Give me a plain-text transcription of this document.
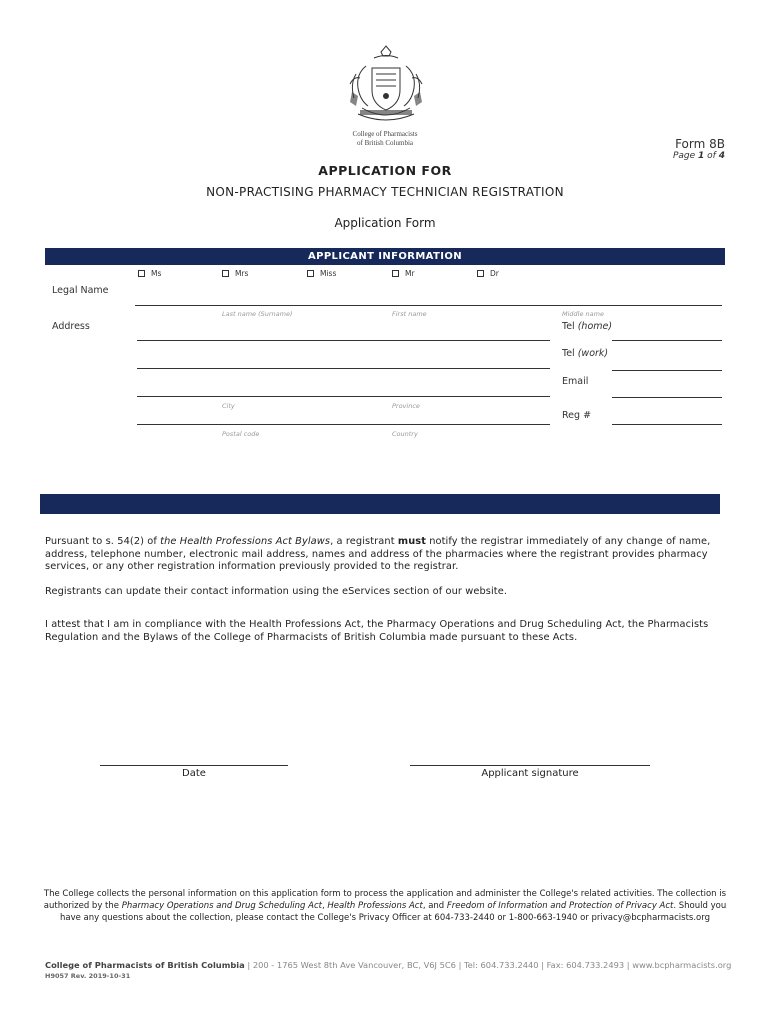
College of Pharmacists
of British Columbia	Form 8B
Page 1 of 4
APPLICATION FOR
NON-PRACTISING PHARMACY TECHNICIAN REGISTRATION
Application Form
APPLICANT INFORMATION
Ms	Mrs	Miss	Mr	Dr
Legal Name
Last name (Surname)	First name	Middle name
Address
City	Province
Postal code	Country
Tel (home)
Tel (work)
Email
Reg #
Pursuant to s. 54(2) of the Health Professions Act Bylaws, a registrant must notify the registrar immediately of any change of name, address, telephone number, electronic mail address, names and address of the pharmacies where the registrant provides pharmacy services, or any other registration information previously provided to the registrar.
Registrants can update their contact information using the eServices section of our website.
I attest that I am in compliance with the Health Professions Act, the Pharmacy Operations and Drug Scheduling Act, the Pharmacists Regulation and the Bylaws of the College of Pharmacists of British Columbia made pursuant to these Acts.
Date	Applicant signature
The College collects the personal information on this application form to process the application and administer the College's related activities. The collection is authorized by the Pharmacy Operations and Drug Scheduling Act, Health Professions Act, and Freedom of Information and Protection of Privacy Act. Should you have any questions about the collection, please contact the College's Privacy Officer at 604-733-2440 or 1-800-663-1940 or privacy@bcpharmacists.org
College of Pharmacists of British Columbia | 200 - 1765 West 8th Ave Vancouver, BC, V6J 5C6 | Tel: 604.733.2440 | Fax: 604.733.2493 | www.bcpharmacists.org
H9057 Rev. 2019-10-31
